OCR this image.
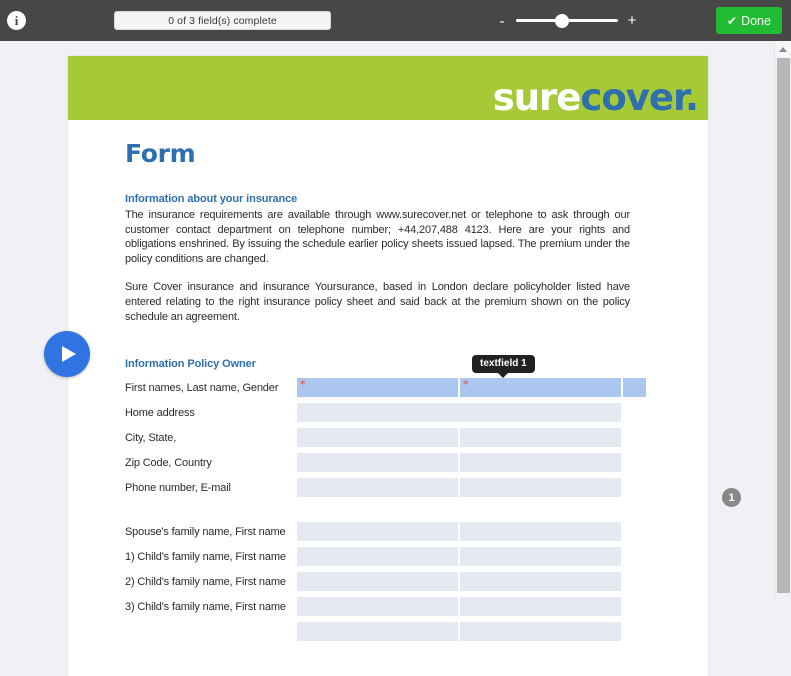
i	0 of 3 field(s) complete	-	+	✔ Done
surecover.
Form
Information about your insurance
The insurance requirements are available through www.surecover.net or telephone to ask through our customer contact department on telephone number; +44,207,488 4123. Here are your rights and obligations enshrined. By issuing the schedule earlier policy sheets issued lapsed. The premium under the policy conditions are changed.
Sure Cover insurance and insurance Yoursurance, based in London declare policyholder listed have entered relating to the right insurance policy sheet and said back at the premium shown on the policy schedule an agreement.
Information Policy Owner	textfield 1
First names, Last name, Gender	*	*
Home address
City, State,
Zip Code, Country
Phone number, E-mail
Spouse's family name, First name
1) Child's family name, First name
2) Child's family name, First name
3) Child's family name, First name
1
